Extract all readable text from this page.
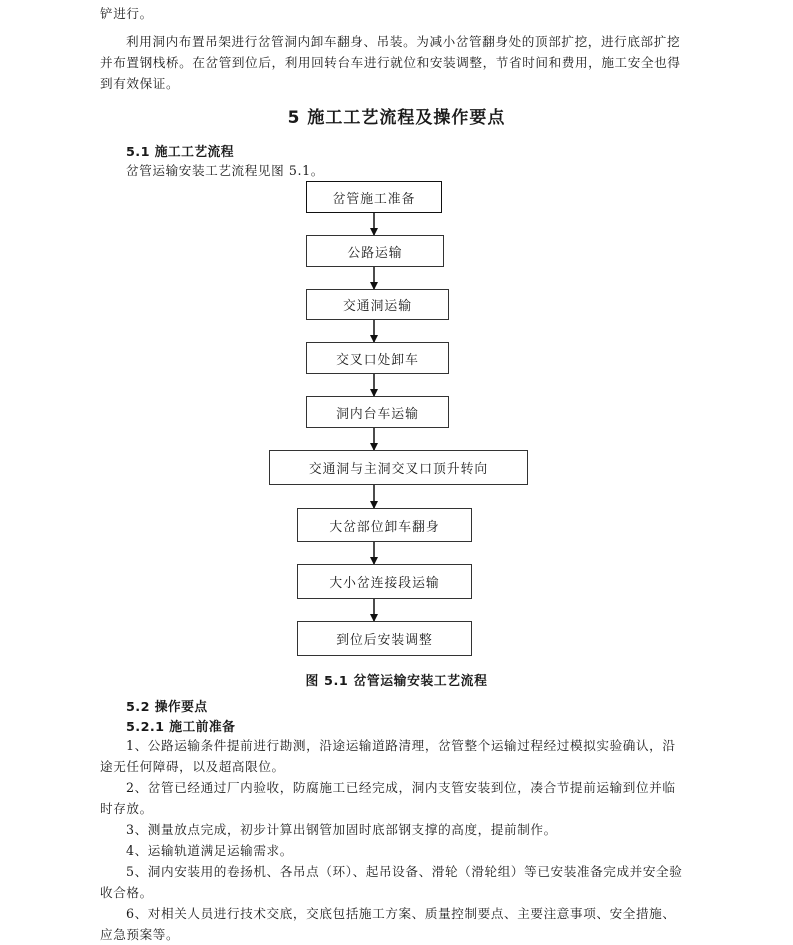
铲进行。
利用洞内布置吊架进行岔管洞内卸车翻身、吊装。为减小岔管翻身处的顶部扩挖，进行底部扩挖
并布置钢栈桥。在岔管到位后，利用回转台车进行就位和安装调整，节省时间和费用，施工安全也得
到有效保证。
5 施工工艺流程及操作要点
5.1 施工工艺流程
岔管运输安装工艺流程见图 5.1。
岔管施工准备
公路运输
交通洞运输
交叉口处卸车
洞内台车运输
交通洞与主洞交叉口顶升转向
大岔部位卸车翻身
大小岔连接段运输
到位后安装调整
图 5.1 岔管运输安装工艺流程
5.2 操作要点
5.2.1 施工前准备
1、公路运输条件提前进行勘测，沿途运输道路清理，岔管整个运输过程经过模拟实验确认，沿
途无任何障碍，以及超高限位。
2、岔管已经通过厂内验收，防腐施工已经完成，洞内支管安装到位，凑合节提前运输到位并临
时存放。
3、测量放点完成，初步计算出钢管加固时底部钢支撑的高度，提前制作。
4、运输轨道满足运输需求。
5、洞内安装用的卷扬机、各吊点（环）、起吊设备、滑轮（滑轮组）等已安装准备完成并安全验
收合格。
6、对相关人员进行技术交底，交底包括施工方案、质量控制要点、主要注意事项、安全措施、
应急预案等。
